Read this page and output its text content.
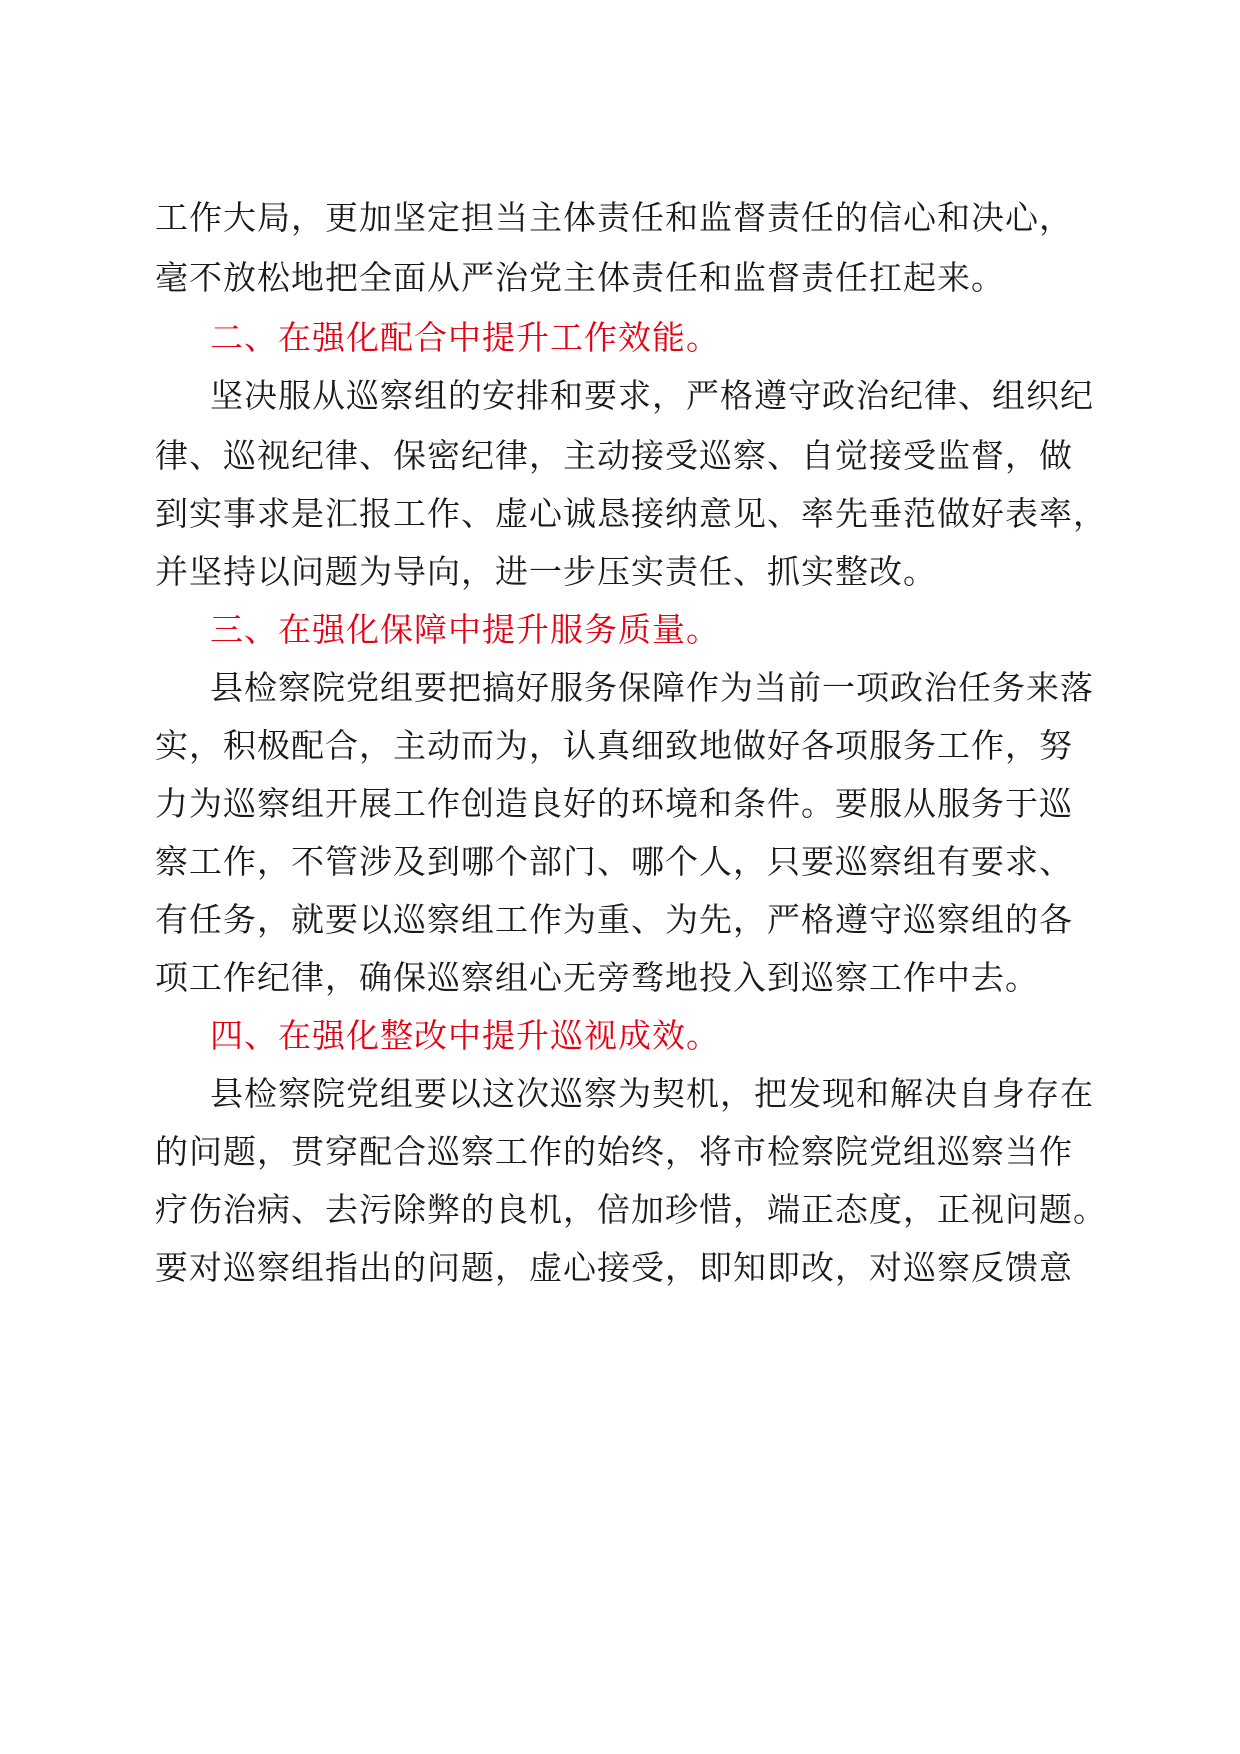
工作大局，更加坚定担当主体责任和监督责任的信心和决心，
毫不放松地把全面从严治党主体责任和监督责任扛起来。
二、在强化配合中提升工作效能。
坚决服从巡察组的安排和要求，严格遵守政治纪律、组织纪
律、巡视纪律、保密纪律，主动接受巡察、自觉接受监督，做
到实事求是汇报工作、虚心诚恳接纳意见、率先垂范做好表率，
并坚持以问题为导向，进一步压实责任、抓实整改。
三、在强化保障中提升服务质量。
县检察院党组要把搞好服务保障作为当前一项政治任务来落
实，积极配合，主动而为，认真细致地做好各项服务工作，努
力为巡察组开展工作创造良好的环境和条件。要服从服务于巡
察工作，不管涉及到哪个部门、哪个人，只要巡察组有要求、
有任务，就要以巡察组工作为重、为先，严格遵守巡察组的各
项工作纪律，确保巡察组心无旁骛地投入到巡察工作中去。
四、在强化整改中提升巡视成效。
县检察院党组要以这次巡察为契机，把发现和解决自身存在
的问题，贯穿配合巡察工作的始终，将市检察院党组巡察当作
疗伤治病、去污除弊的良机，倍加珍惜，端正态度，正视问题。
要对巡察组指出的问题，虚心接受，即知即改，对巡察反馈意
